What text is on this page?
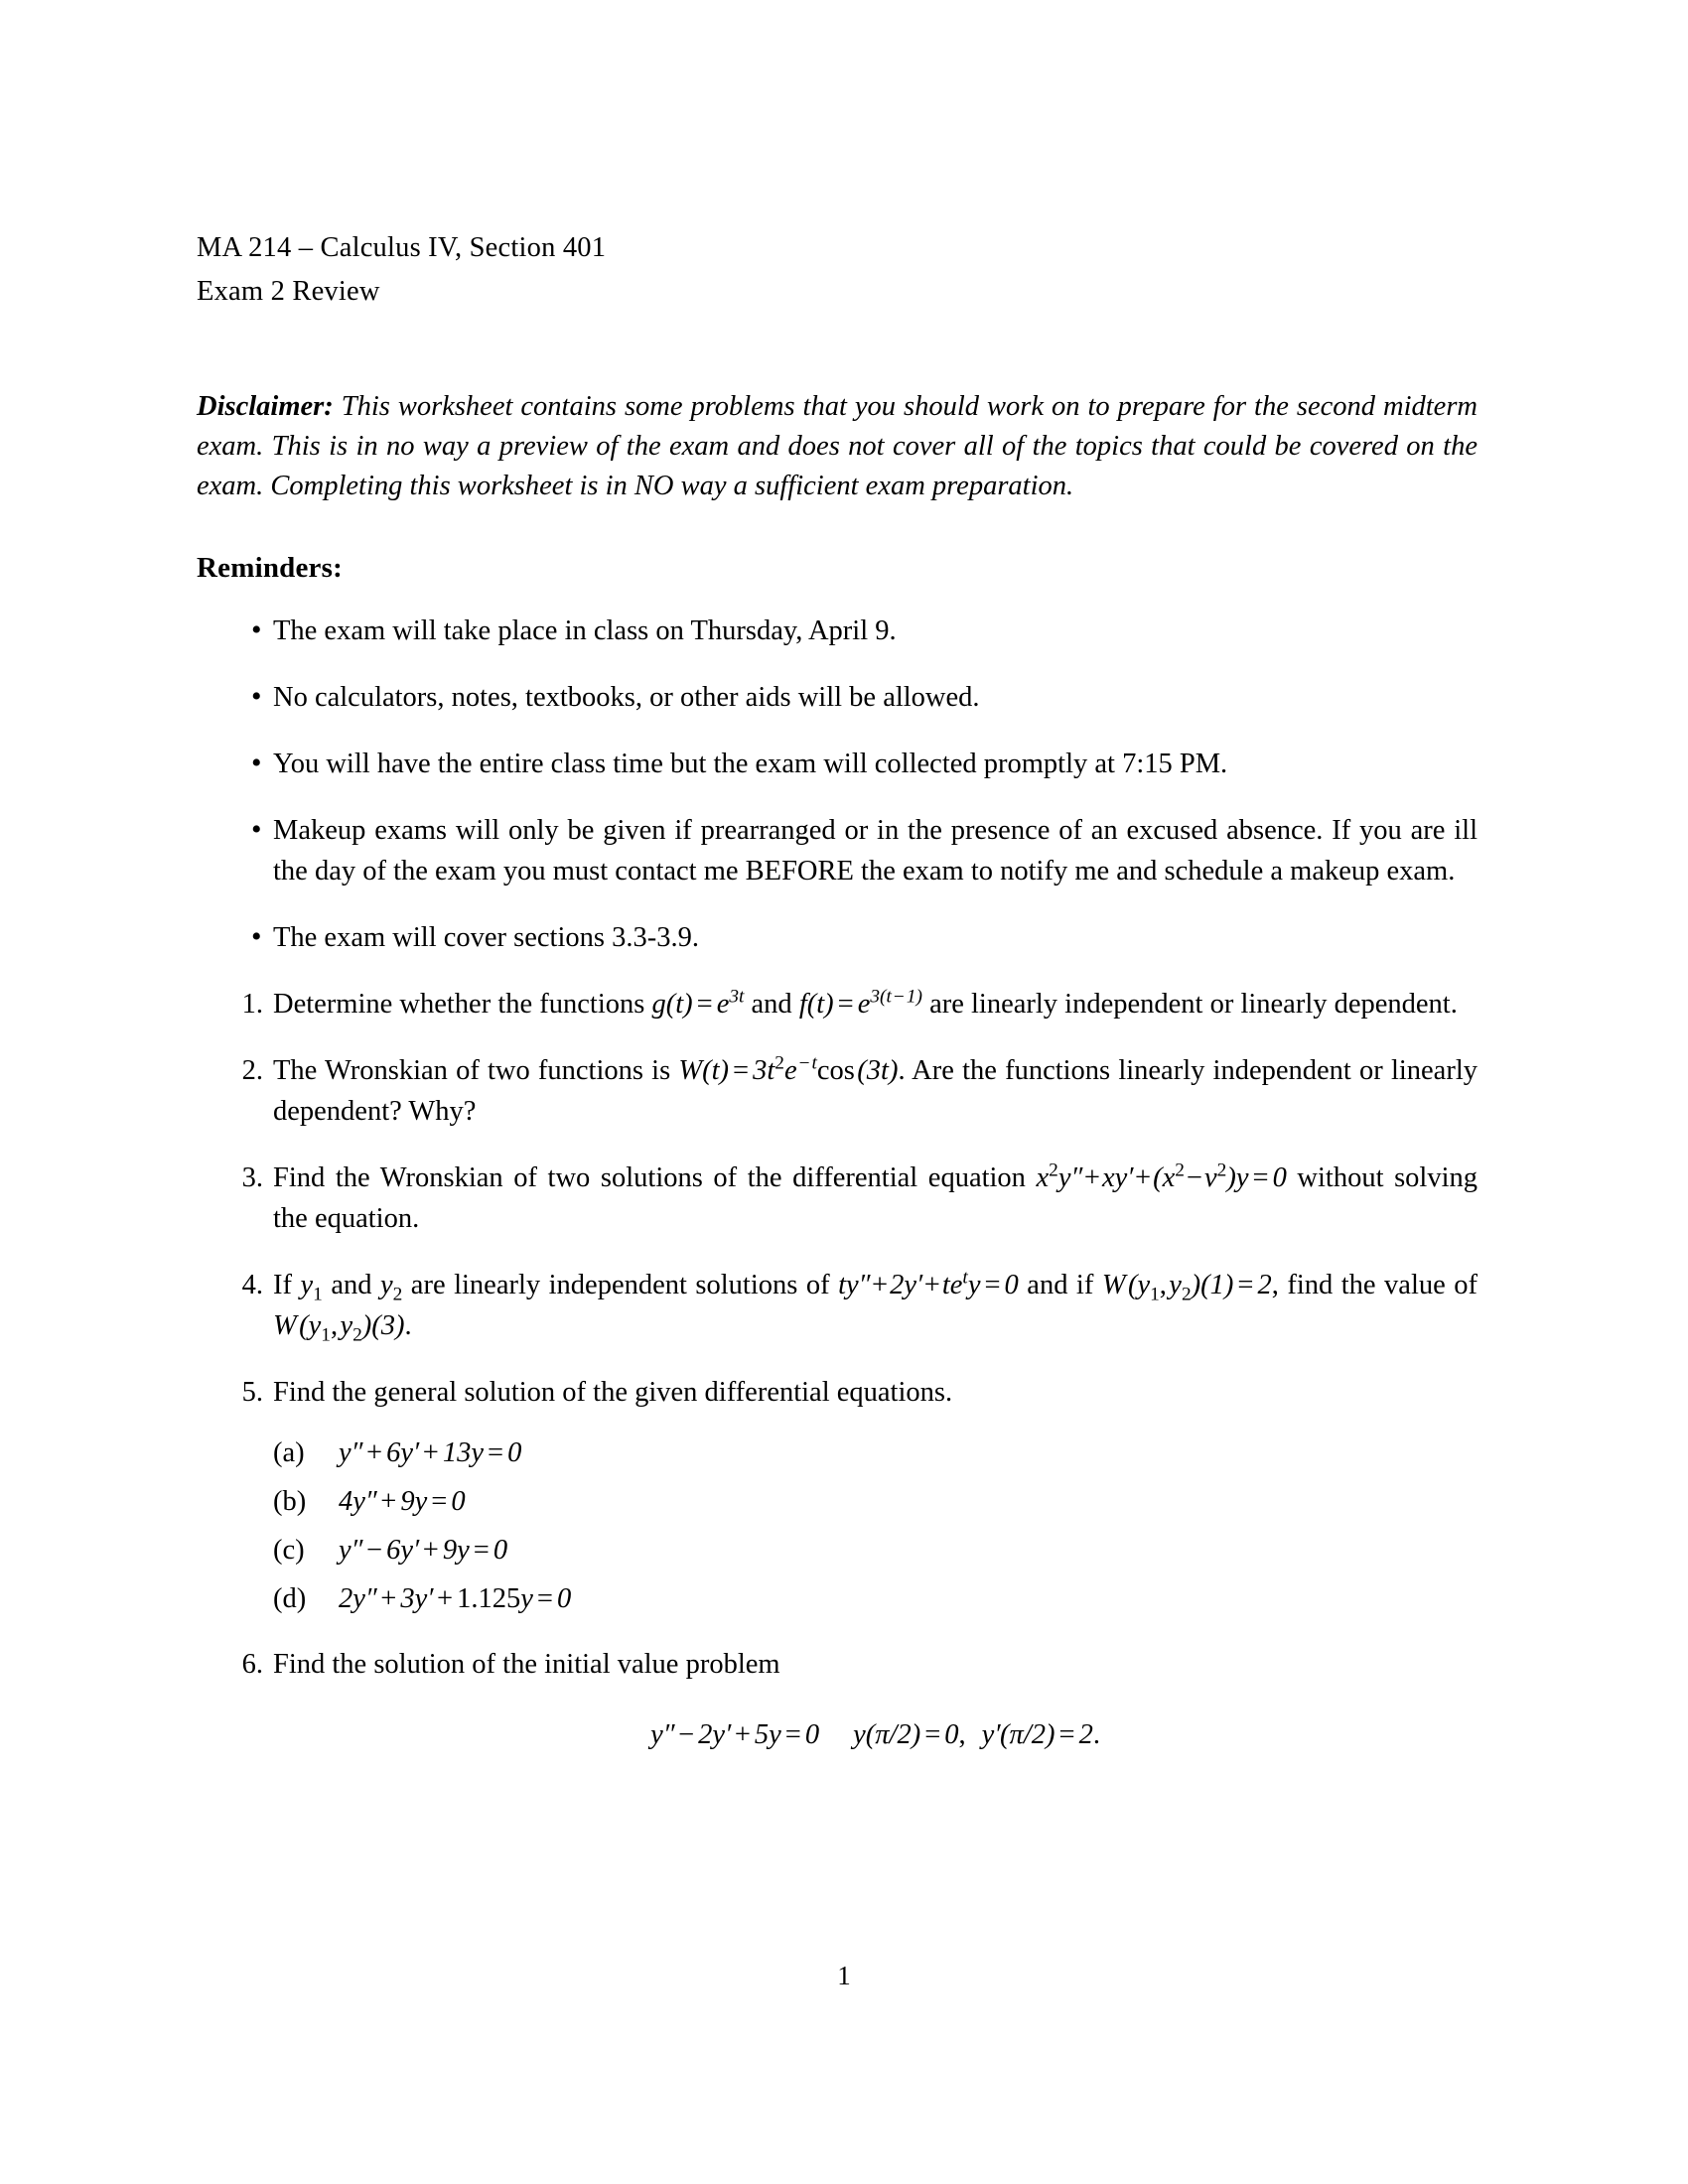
MA 214 – Calculus IV, Section 401
Exam 2 Review

Disclaimer: This worksheet contains some problems that you should work on to prepare for the second midterm exam. This is in no way a preview of the exam and does not cover all of the topics that could be covered on the exam. Completing this worksheet is in NO way a sufficient exam preparation.

Reminders:
• The exam will take place in class on Thursday, April 9.
• No calculators, notes, textbooks, or other aids will be allowed.
• You will have the entire class time but the exam will collected promptly at 7:15 PM.
• Makeup exams will only be given if prearranged or in the presence of an excused absence. If you are ill the day of the exam you must contact me BEFORE the exam to notify me and schedule a makeup exam.
• The exam will cover sections 3.3-3.9.
1. Determine whether the functions $g(t) = e^{3t}$ and $f(t) = e^{3(t - 1)}$ are linearly independent or linearly dependent.
2. The Wronskian of two functions is $W(t) = 3t^2e$ $^{- t}$cos (3t). Are the functions linearly independent or linearly dependent? Why?
3. Find the Wronskian of two solutions of the differential equation $x^2y''+xy'+(x^2-\nu^2)y = 0$ without solving the equation.
4. If $y_1$ and $y_2$ are linearly independent solutions of $ty''+2y'+te^ty = 0$ and if W ($y_1$, $y_2)(1) = 2$, find the value of W ($y_1$, $y_2)(3)$.
5. Find the general solution of the given differential equations.
(a)	y″ + 6y′ + 13y = 0
(b)	4y″ + 9y = 0
(c)	y″ − 6y′ + 9y = 0
(d)	2y″ + 3y′ + 1.125y = 0
6. Find the solution of the initial value problem
y″ − 2y′ + 5y = 0 y(π/2) = 0, y′(π/2) = 2.
1
